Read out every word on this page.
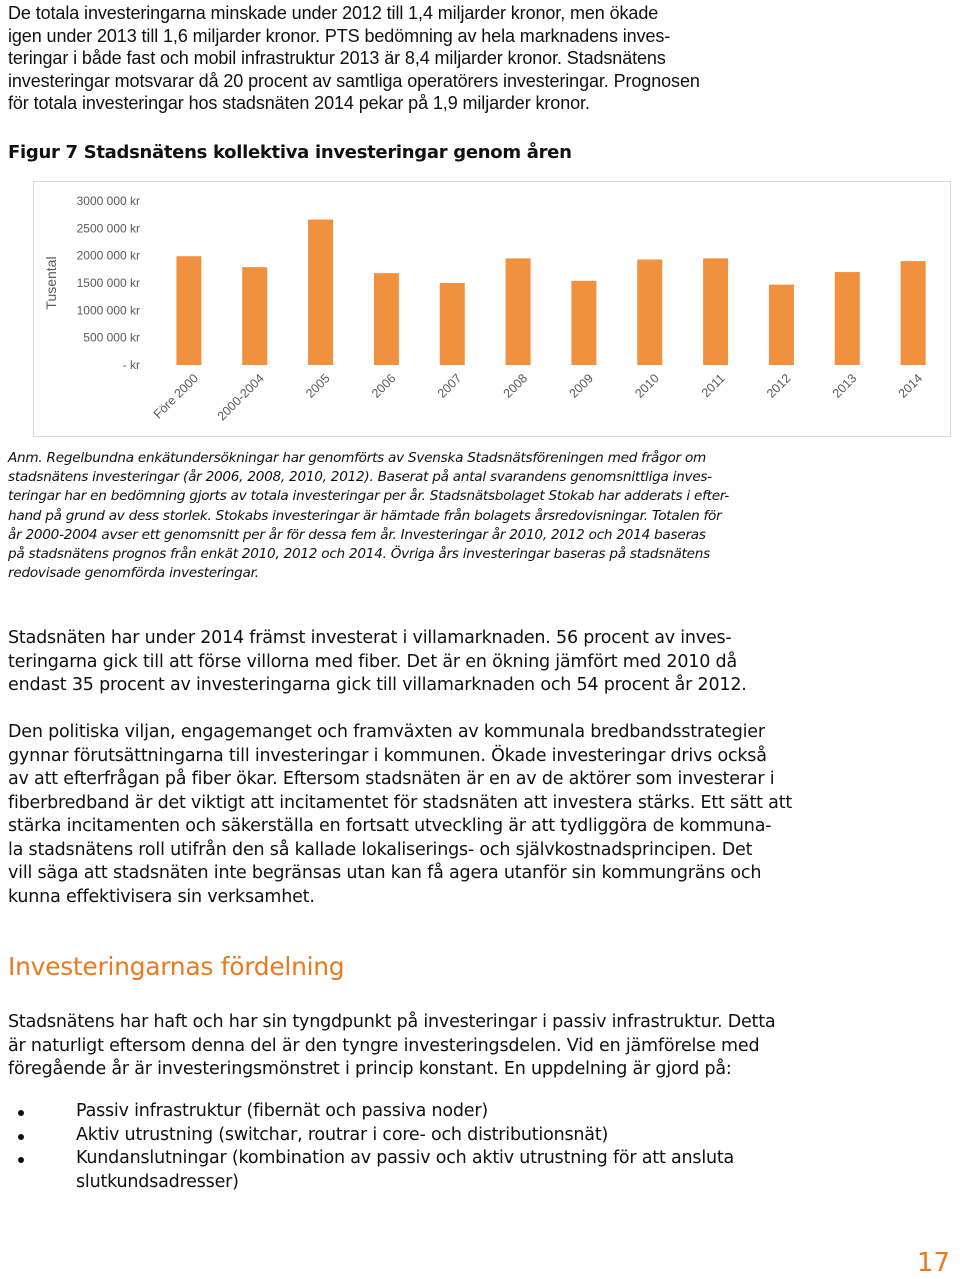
De totala investeringarna minskade under 2012 till 1,4 miljarder kronor, men ökade
igen under 2013 till 1,6 miljarder kronor. PTS bedömning av hela marknadens inves-
teringar i både fast och mobil infrastruktur 2013 är 8,4 miljarder kronor. Stadsnätens
investeringar motsvarar då 20 procent av samtliga operatörers investeringar. Prognosen
för totala investeringar hos stadsnäten 2014 pekar på 1,9 miljarder kronor.

Figur 7 Stadsnätens kollektiva investeringar genom åren
Tusental
- kr
500 000 kr
1000 000 kr
1500 000 kr
2000 000 kr
2500 000 kr
3000 000 kr
Före 2000 2000-2004	2005	2006	2007	2008	2009	2010	2011	2012	2013	2014

Anm. Regelbundna enkätundersökningar har genomförts av Svenska Stadsnätsföreningen med frågor om
stadsnätens investeringar (år 2006, 2008, 2010, 2012). Baserat på antal svarandens genomsnittliga inves-
teringar har en bedömning gjorts av totala investeringar per år. Stadsnätsbolaget Stokab har adderats i efter-
hand på grund av dess storlek. Stokabs investeringar är hämtade från bolagets årsredovisningar. Totalen för
år 2000-2004 avser ett genomsnitt per år för dessa fem år. Investeringar år 2010, 2012 och 2014 baseras
på stadsnätens prognos från enkät 2010, 2012 och 2014. Övriga års investeringar baseras på stadsnätens
redovisade genomförda investeringar.

Stadsnäten har under 2014 främst investerat i villamarknaden. 56 procent av inves-
teringarna gick till att förse villorna med fiber. Det är en ökning jämfört med 2010 då
endast 35 procent av investeringarna gick till villamarknaden och 54 procent år 2012.

Den politiska viljan, engagemanget och framväxten av kommunala bredbandsstrategier
gynnar förutsättningarna till investeringar i kommunen. Ökade investeringar drivs också
av att efterfrågan på fiber ökar. Eftersom stadsnäten är en av de aktörer som investerar i
fiberbredband är det viktigt att incitamentet för stadsnäten att investera stärks. Ett sätt att
stärka incitamenten och säkerställa en fortsatt utveckling är att tydliggöra de kommuna-
la stadsnätens roll utifrån den så kallade lokaliserings- och självkostnadsprincipen. Det
vill säga att stadsnäten inte begränsas utan kan få agera utanför sin kommungräns och
kunna effektivisera sin verksamhet.

Investeringarnas fördelning

Stadsnätens har haft och har sin tyngdpunkt på investeringar i passiv infrastruktur. Detta
är naturligt eftersom denna del är den tyngre investeringsdelen. Vid en jämförelse med
föregående år är investeringsmönstret i princip konstant. En uppdelning är gjord på:

Passiv infrastruktur (fibernät och passiva noder)
Aktiv utrustning (switchar, routrar i core- och distributionsnät)
Kundanslutningar (kombination av passiv och aktiv utrustning för att ansluta
slutkundsadresser)
17
